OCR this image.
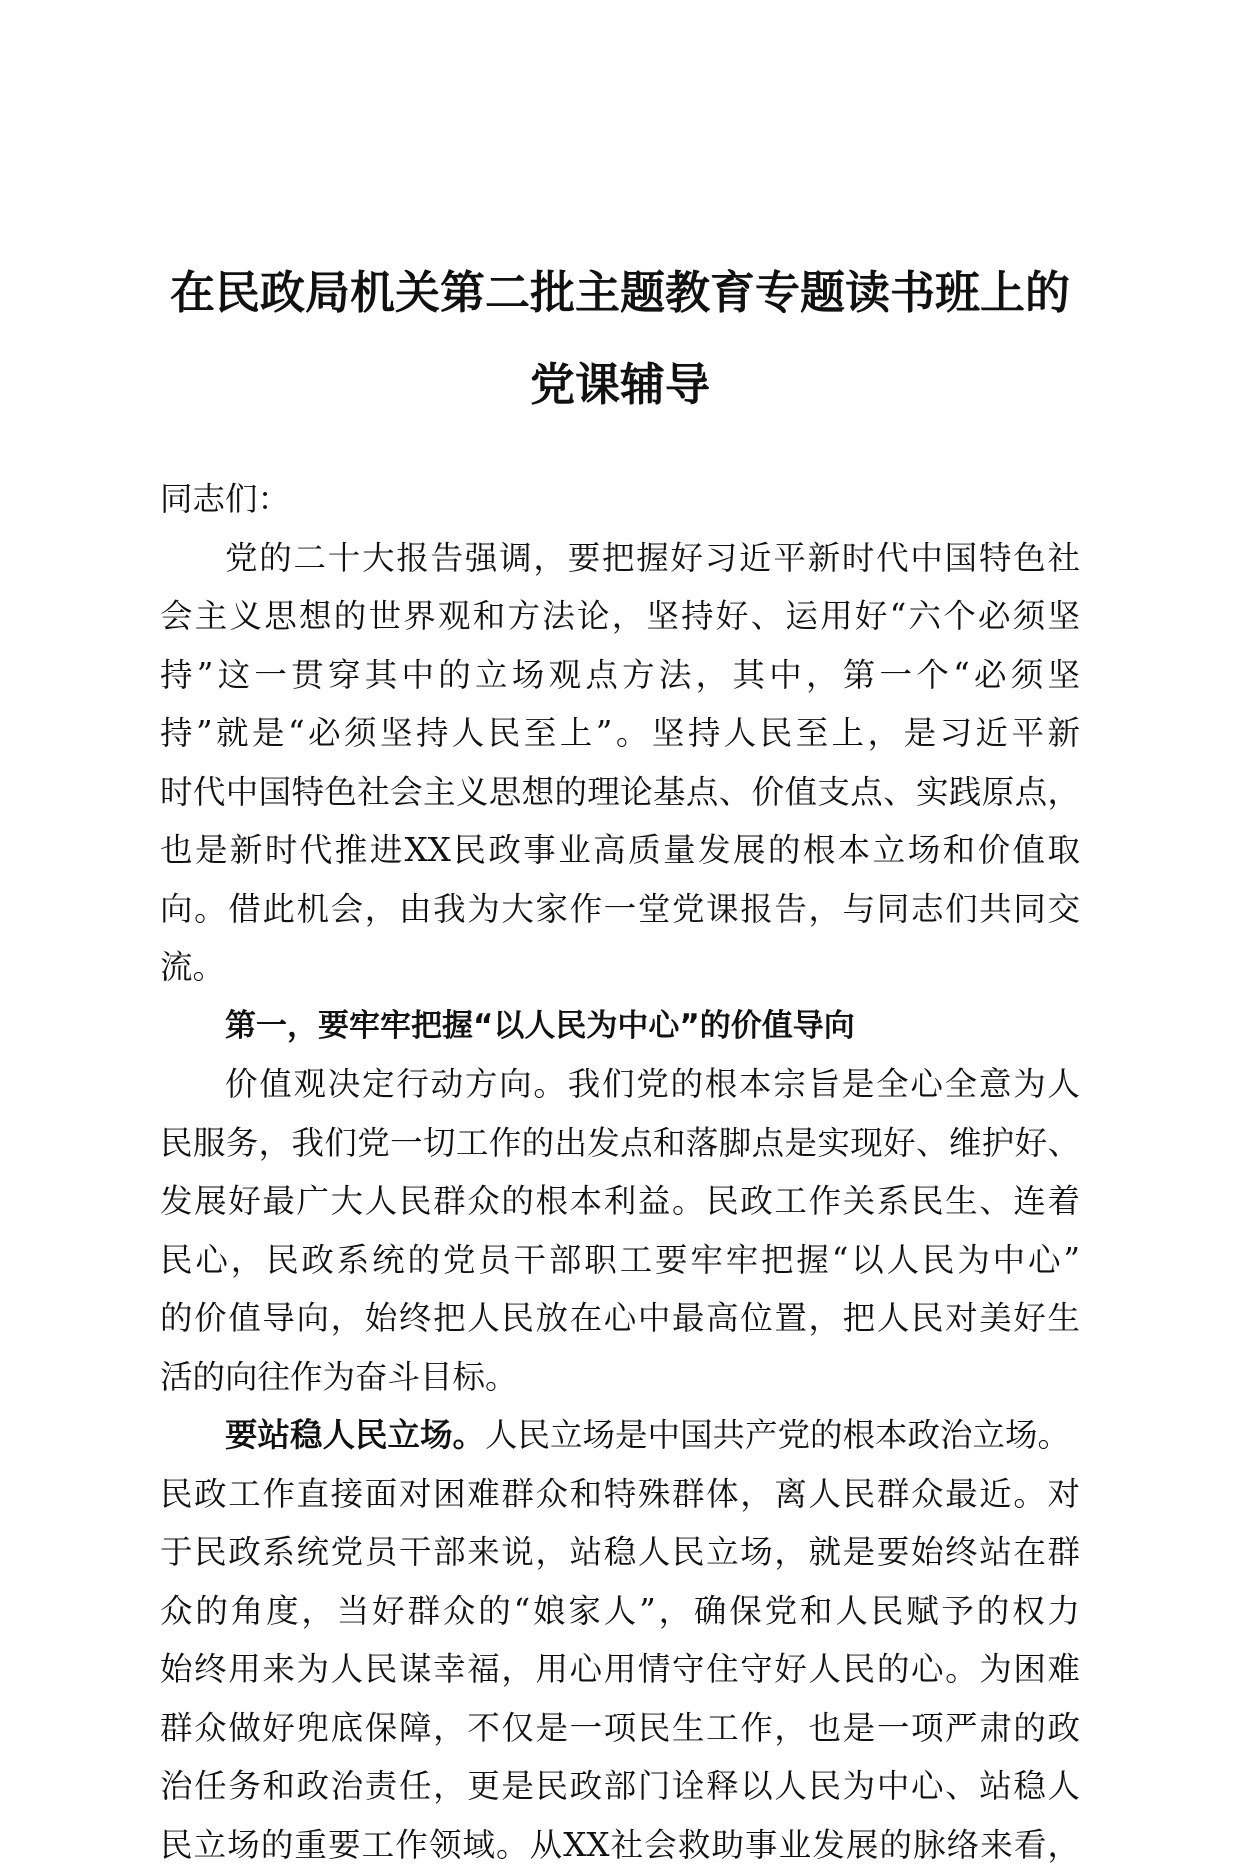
在民政局机关第二批主题教育专题读书班上的
党课辅导
同志们：
党的二十大报告强调，要把握好习近平新时代中国特色社
会主义思想的世界观和方法论，坚持好、运用好“六个必须坚
持”这一贯穿其中的立场观点方法，其中，第一个“必须坚
持”就是“必须坚持人民至上”。坚持人民至上，是习近平新
时代中国特色社会主义思想的理论基点、价值支点、实践原点，
也是新时代推进XX民政事业高质量发展的根本立场和价值取
向。借此机会，由我为大家作一堂党课报告，与同志们共同交
流。
第一，要牢牢把握“以人民为中心”的价值导向
价值观决定行动方向。我们党的根本宗旨是全心全意为人
民服务，我们党一切工作的出发点和落脚点是实现好、维护好、
发展好最广大人民群众的根本利益。民政工作关系民生、连着
民心，民政系统的党员干部职工要牢牢把握“以人民为中心”
的价值导向，始终把人民放在心中最高位置，把人民对美好生
活的向往作为奋斗目标。
要站稳人民立场。人民立场是中国共产党的根本政治立场。
民政工作直接面对困难群众和特殊群体，离人民群众最近。对
于民政系统党员干部来说，站稳人民立场，就是要始终站在群
众的角度，当好群众的“娘家人”，确保党和人民赋予的权力
始终用来为人民谋幸福，用心用情守住守好人民的心。为困难
群众做好兜底保障，不仅是一项民生工作，也是一项严肃的政
治任务和政治责任，更是民政部门诠释以人民为中心、站稳人
民立场的重要工作领域。从XX社会救助事业发展的脉络来看，
